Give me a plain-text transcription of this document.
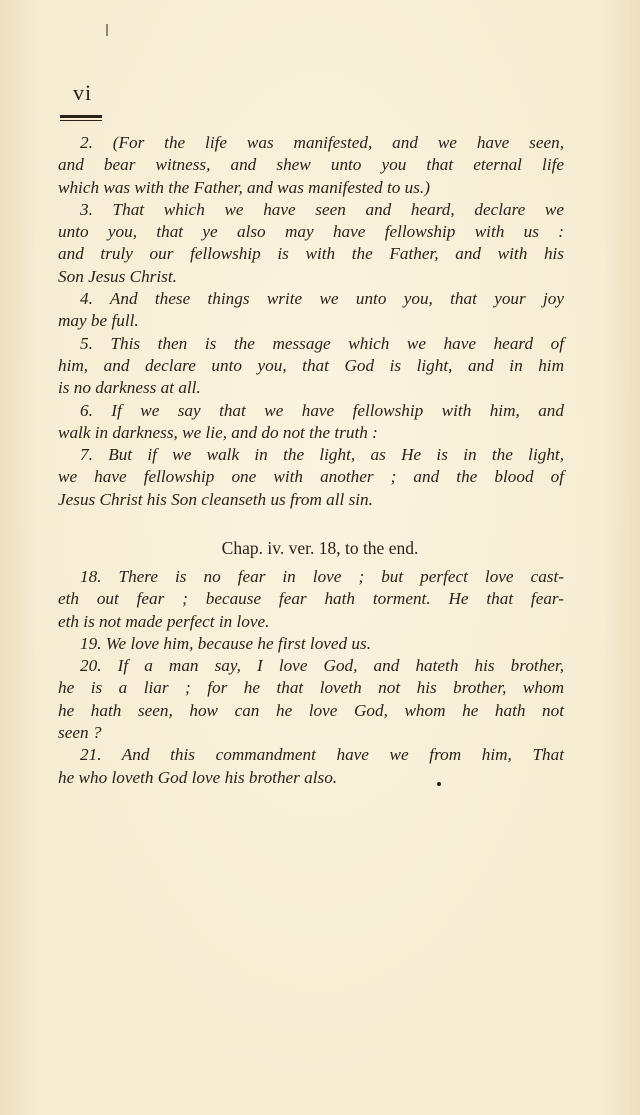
vi
2. (For the life was manifested, and we have seen,
and bear witness, and shew unto you that eternal life
which was with the Father, and was manifested to us.)
3. That which we have seen and heard, declare we
unto you, that ye also may have fellowship with us :
and truly our fellowship is with the Father, and with his
Son Jesus Christ.
4. And these things write we unto you, that your joy
may be full.
5. This then is the message which we have heard of
him, and declare unto you, that God is light, and in him
is no darkness at all.
6. If we say that we have fellowship with him, and
walk in darkness, we lie, and do not the truth :
7. But if we walk in the light, as He is in the light,
we have fellowship one with another ; and the blood of
Jesus Christ his Son cleanseth us from all sin.
Chap. iv. ver. 18, to the end.
18. There is no fear in love ; but perfect love cast-
eth out fear ; because fear hath torment. He that fear-
eth is not made perfect in love.
19. We love him, because he first loved us.
20. If a man say, I love God, and hateth his brother,
he is a liar ; for he that loveth not his brother, whom
he hath seen, how can he love God, whom he hath not
seen ?
21. And this commandment have we from him, That
he who loveth God love his brother also.
